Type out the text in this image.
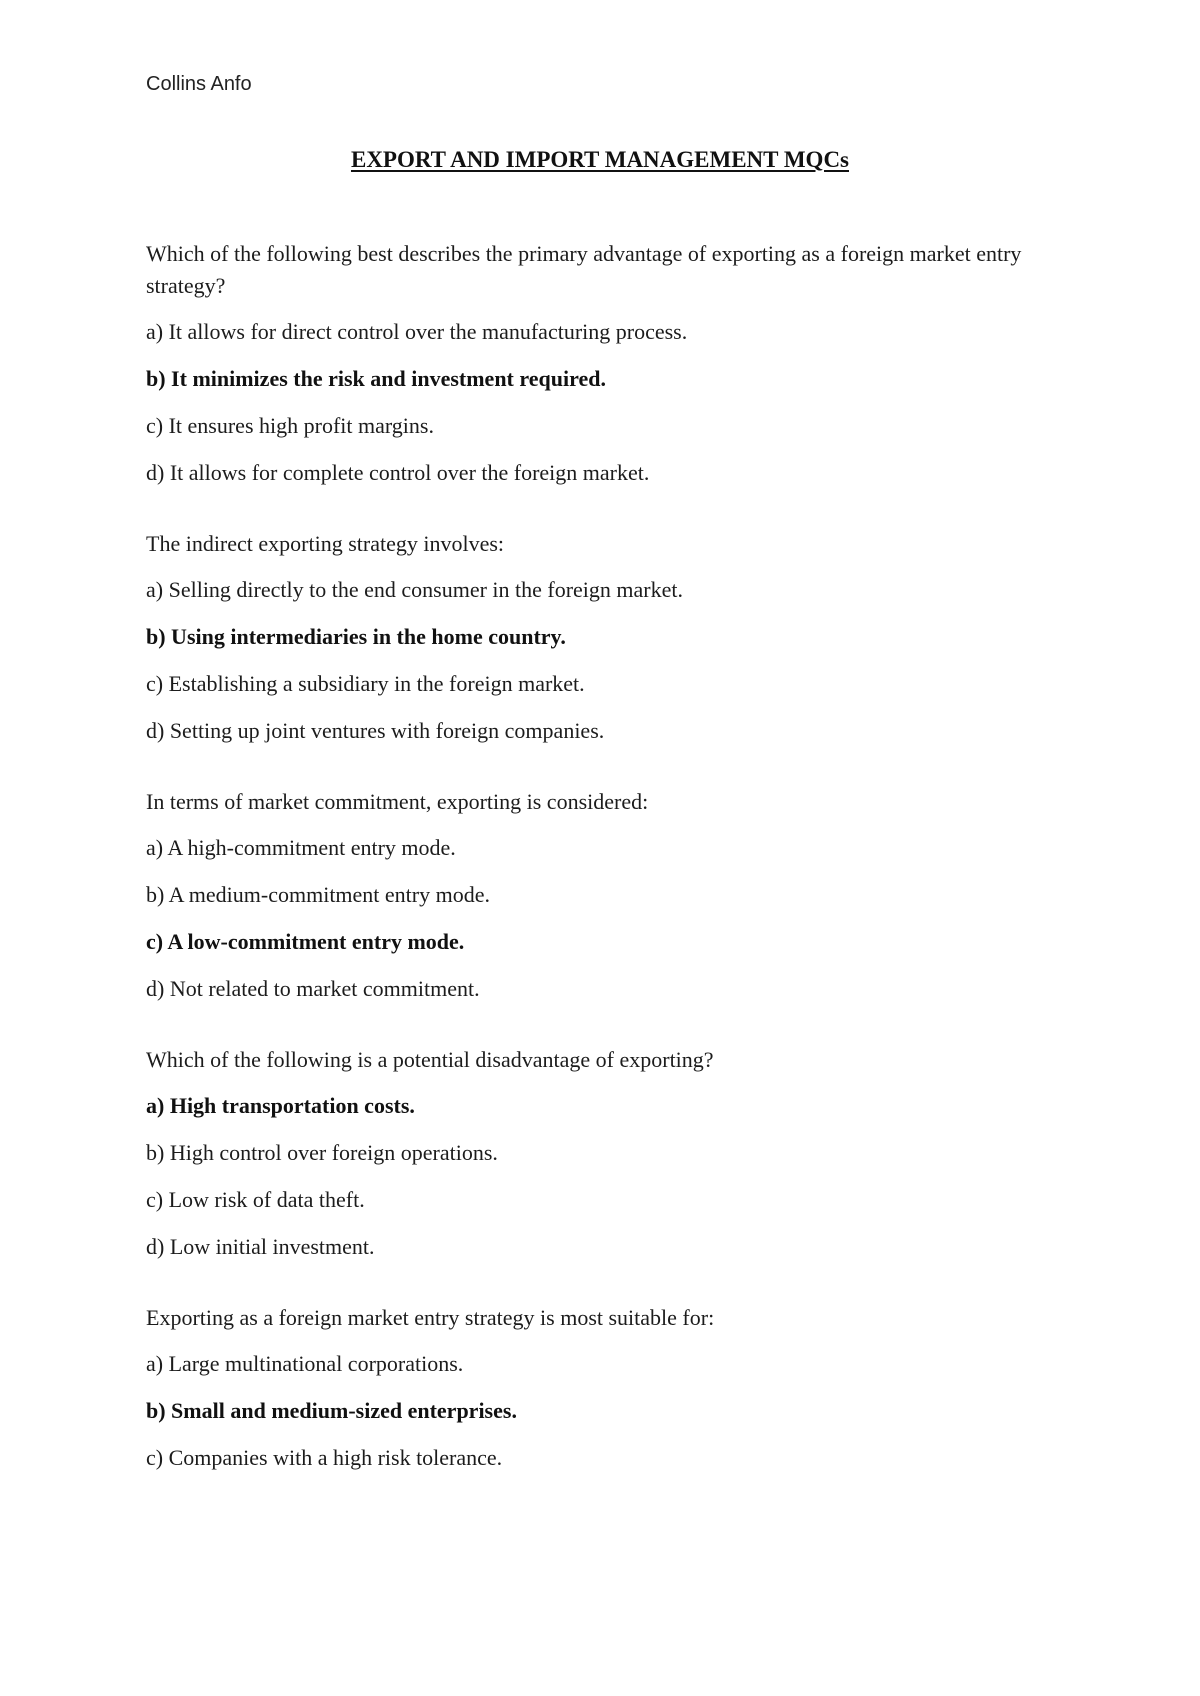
Collins Anfo
EXPORT AND IMPORT MANAGEMENT MQCs
Which of the following best describes the primary advantage of exporting as a foreign market entry strategy?
a) It allows for direct control over the manufacturing process.
b) It minimizes the risk and investment required.
c) It ensures high profit margins.
d) It allows for complete control over the foreign market.
The indirect exporting strategy involves:
a) Selling directly to the end consumer in the foreign market.
b) Using intermediaries in the home country.
c) Establishing a subsidiary in the foreign market.
d) Setting up joint ventures with foreign companies.
In terms of market commitment, exporting is considered:
a) A high-commitment entry mode.
b) A medium-commitment entry mode.
c) A low-commitment entry mode.
d) Not related to market commitment.
Which of the following is a potential disadvantage of exporting?
a) High transportation costs.
b) High control over foreign operations.
c) Low risk of data theft.
d) Low initial investment.
Exporting as a foreign market entry strategy is most suitable for:
a) Large multinational corporations.
b) Small and medium-sized enterprises.
c) Companies with a high risk tolerance.
